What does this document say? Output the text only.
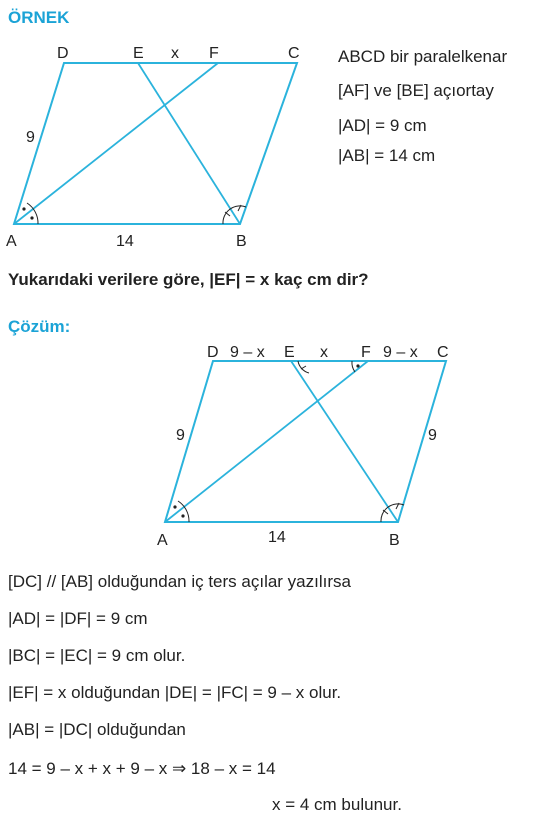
ÖRNEK
D	E x F	C
9
A	14	B
D 9 – x E x F 9 – x C
9	9
A	14	B
ABCD bir paralelkenar
[AF] ve [BE] açıortay
|AD| = 9 cm
|AB| = 14 cm
Yukarıdaki verilere göre, |EF| = x kaç cm dir?
Çözüm:
[DC] // [AB] olduğundan iç ters açılar yazılırsa
|AD| = |DF| = 9 cm
|BC| = |EC| = 9 cm olur.
|EF| = x olduğundan |DE| = |FC| = 9 – x olur.
|AB| = |DC| olduğundan
14 = 9 – x + x + 9 – x ⇒ 18 – x = 14
x = 4 cm bulunur.
